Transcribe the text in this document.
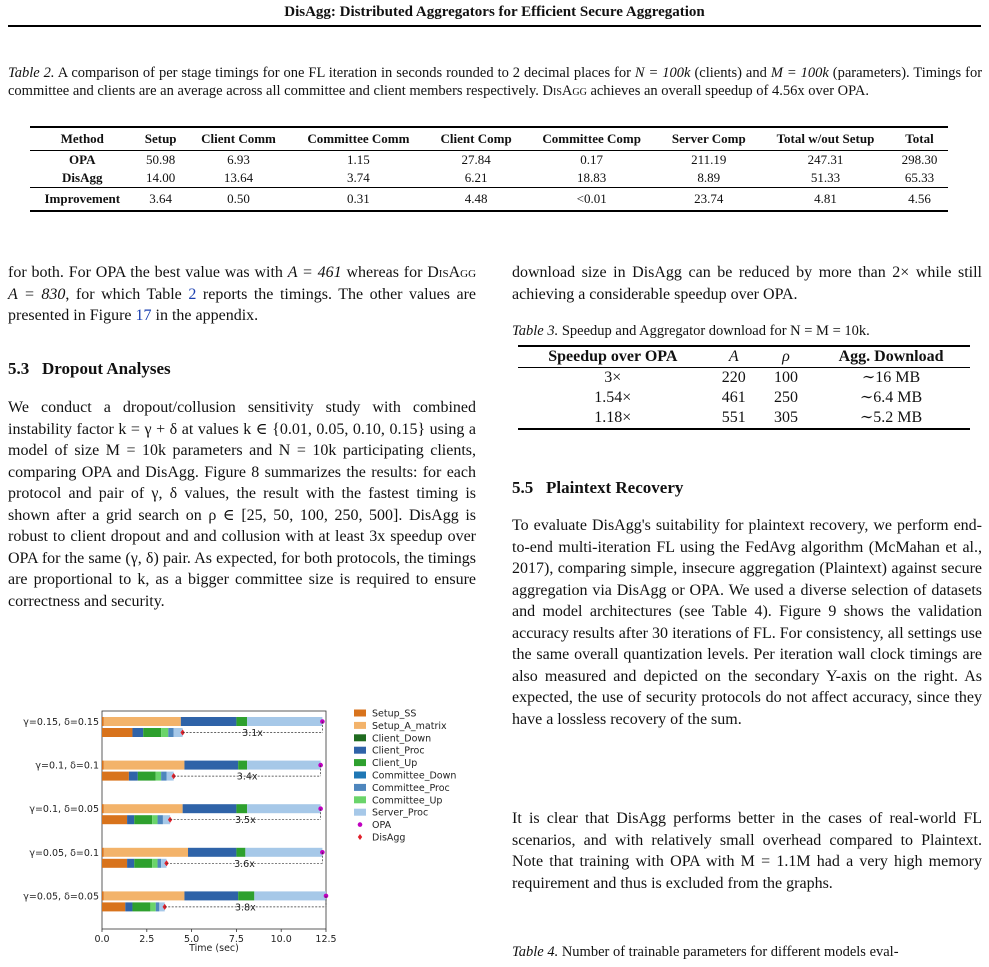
DisAgg: Distributed Aggregators for Efficient Secure Aggregation
Table 2. A comparison of per stage timings for one FL iteration in seconds rounded to 2 decimal places for N = 100k (clients) and M = 100k (parameters). Timings for committee and clients are an average across all committee and client members respectively. DisAgg achieves an overall speedup of 4.56x over OPA.
Method	Setup	Client Comm	Committee Comm	Client Comp	Committee Comp	Server Comp	Total w/out Setup	Total
OPA	50.98	6.93	1.15	27.84	0.17	211.19	247.31	298.30
DisAgg	14.00	13.64	3.74	6.21	18.83	8.89	51.33	65.33
Improvement	3.64	0.50	0.31	4.48	<0.01	23.74	4.81	4.56
for both. For OPA the best value was with A = 461 whereas for DisAgg A = 830, for which Table 2 reports the timings. The other values are presented in Figure 17 in the appendix.
5.3 Dropout Analyses
We conduct a dropout/collusion sensitivity study with combined instability factor k = γ + δ at values k ∈ {0.01, 0.05, 0.10, 0.15} using a model of size M = 10k parameters and N = 10k participating clients, comparing OPA and DisAgg. Figure 8 summarizes the results: for each protocol and pair of γ, δ values, the result with the fastest timing is shown after a grid search on ρ ∈ [25, 50, 100, 250, 500]. DisAgg is robust to client dropout and and collusion with at least 3x speedup over OPA for the same (γ, δ) pair. As expected, for both protocols, the timings are proportional to k, as a bigger committee size is required to ensure correctness and security.
3.1x
γ=0.15, δ=0.15
3.4x
γ=0.1, δ=0.1
3.5x
γ=0.1, δ=0.05
3.6x
γ=0.05, δ=0.1
3.8x
γ=0.05, δ=0.05
0.0	2.5	5.0	7.5	10.0 12.5
Time (sec)
Setup_SS
Setup_A_matrix
Client_Down
Client_Proc
Client_Up
Committee_Down
Committee_Proc
Committee_Up
Server_Proc
OPA
DisAgg
download size in DisAgg can be reduced by more than 2× while still achieving a considerable speedup over OPA.
Table 3. Speedup and Aggregator download for N = M = 10k.
Speedup over OPA	A	ρ	Agg. Download
3×	220	100	∼16 MB
1.54×	461	250	∼6.4 MB
1.18×	551	305	∼5.2 MB
5.5 Plaintext Recovery
To evaluate DisAgg's suitability for plaintext recovery, we perform end-to-end multi-iteration FL using the FedAvg algorithm (McMahan et al., 2017), comparing simple, insecure aggregation (Plaintext) against secure aggregation via DisAgg or OPA. We used a diverse selection of datasets and model architectures (see Table 4). Figure 9 shows the validation accuracy results after 30 iterations of FL. For consistency, all settings use the same overall quantization levels. Per iteration wall clock timings are also measured and depicted on the secondary Y-axis on the right. As expected, the use of security protocols do not affect accuracy, since they have a lossless recovery of the sum.
It is clear that DisAgg performs better in the cases of real-world FL scenarios, and with relatively small overhead compared to Plaintext. Note that training with OPA with M = 1.1M had a very high memory requirement and thus is excluded from the graphs.
Table 4. Number of trainable parameters for different models eval-
